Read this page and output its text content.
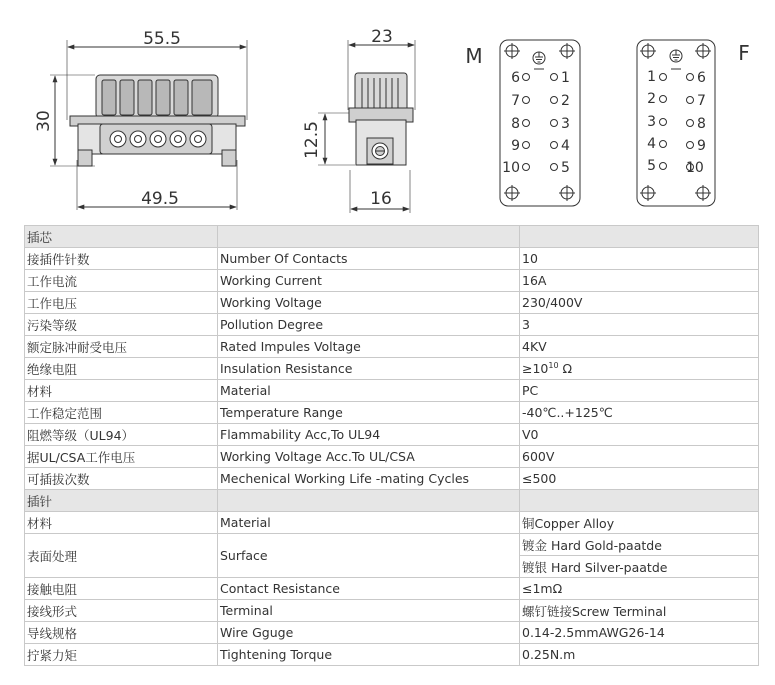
55.5
49.5
30
23
16
12.5
M
6
7
8
9
10
1
2
3
4
5
F
1
2
3
4
5
6
7
8
9
10
插芯		
接插件针数	Number Of Contacts	10
工作电流	Working Current	16A
工作电压	Working Voltage	230/400V
污染等级	Pollution Degree	3
额定脉冲耐受电压	Rated Impules Voltage	4KV
绝缘电阻	Insulation Resistance	$\ge 10^{10}$ Ω
材料	Material	PC
工作稳定范围	Temperature Range	-40℃..+125℃
阻燃等级（UL94）	Flammability Acc,To UL94	V0
据UL/CSA工作电压	Working Voltage Acc.To UL/CSA	600V
可插拔次数	Mechenical Working Life -mating Cycles	≤500
插针		
材料	Material	铜Copper Alloy
表面处理	Surface	镀金 Hard Gold-paatde
		镀银 Hard Silver-paatde
接触电阻	Contact Resistance	≤1mΩ
接线形式	Terminal	螺钉链接Screw Terminal
导线规格	Wire Gguge	0.14-2.5mmAWG26-14
拧紧力矩	Tightening Torque	0.25N.m
